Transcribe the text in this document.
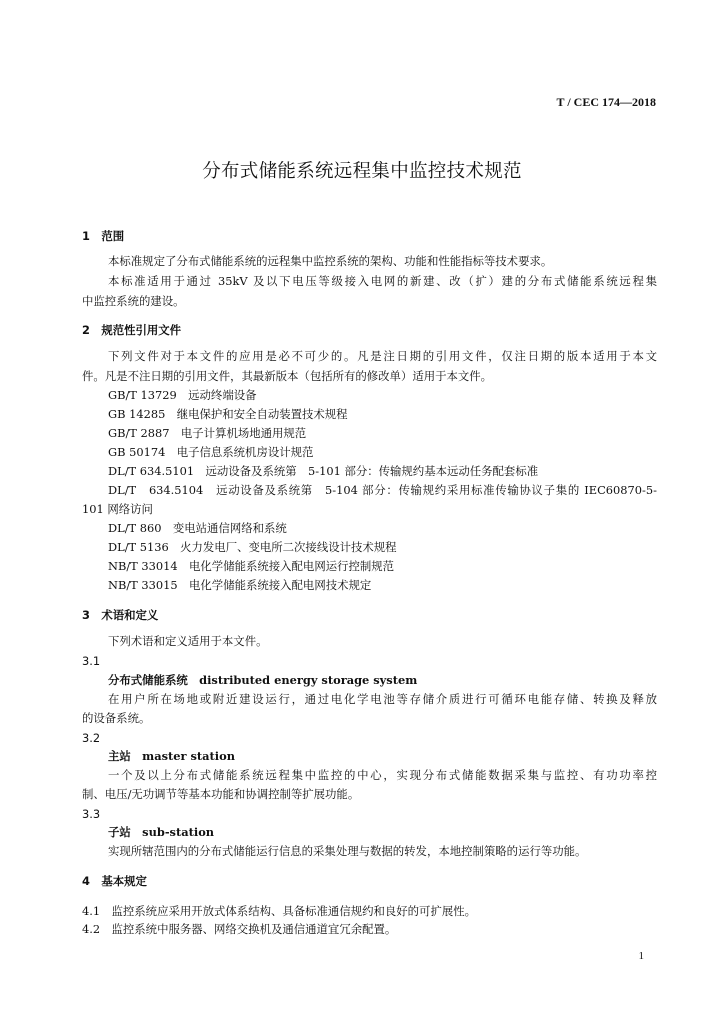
T / CEC 174—2018
分布式储能系统远程集中监控技术规范
1　范围
本标准规定了分布式储能系统的远程集中监控系统的架构、功能和性能指标等技术要求。
本标准适用于通过 35kV 及以下电压等级接入电网的新建、改（扩）建的分布式储能系统远程集
中监控系统的建设。
2　规范性引用文件
下列文件对于本文件的应用是必不可少的。凡是注日期的引用文件，仅注日期的版本适用于本文
件。凡是不注日期的引用文件，其最新版本（包括所有的修改单）适用于本文件。
GB/T 13729　远动终端设备
GB 14285　继电保护和安全自动装置技术规程
GB/T 2887　电子计算机场地通用规范
GB 50174　电子信息系统机房设计规范
DL/T 634.5101　远动设备及系统第　5-101 部分：传输规约基本远动任务配套标准
DL/T　634.5104　远动设备及系统第　5-104 部分：传输规约采用标准传输协议子集的 IEC60870-5-
101 网络访问
DL/T 860　变电站通信网络和系统
DL/T 5136　火力发电厂、变电所二次接线设计技术规程
NB/T 33014　电化学储能系统接入配电网运行控制规范
NB/T 33015　电化学储能系统接入配电网技术规定
3　术语和定义
下列术语和定义适用于本文件。
3.1
分布式储能系统　distributed energy storage system
在用户所在场地或附近建设运行，通过电化学电池等存储介质进行可循环电能存储、转换及释放
的设备系统。
3.2
主站　master station
一个及以上分布式储能系统远程集中监控的中心，实现分布式储能数据采集与监控、有功功率控
制、电压/无功调节等基本功能和协调控制等扩展功能。
3.3
子站　sub-station
实现所辖范围内的分布式储能运行信息的采集处理与数据的转发，本地控制策略的运行等功能。
4　基本规定
4.1　监控系统应采用开放式体系结构、具备标准通信规约和良好的可扩展性。
4.2　监控系统中服务器、网络交换机及通信通道宜冗余配置。
1
